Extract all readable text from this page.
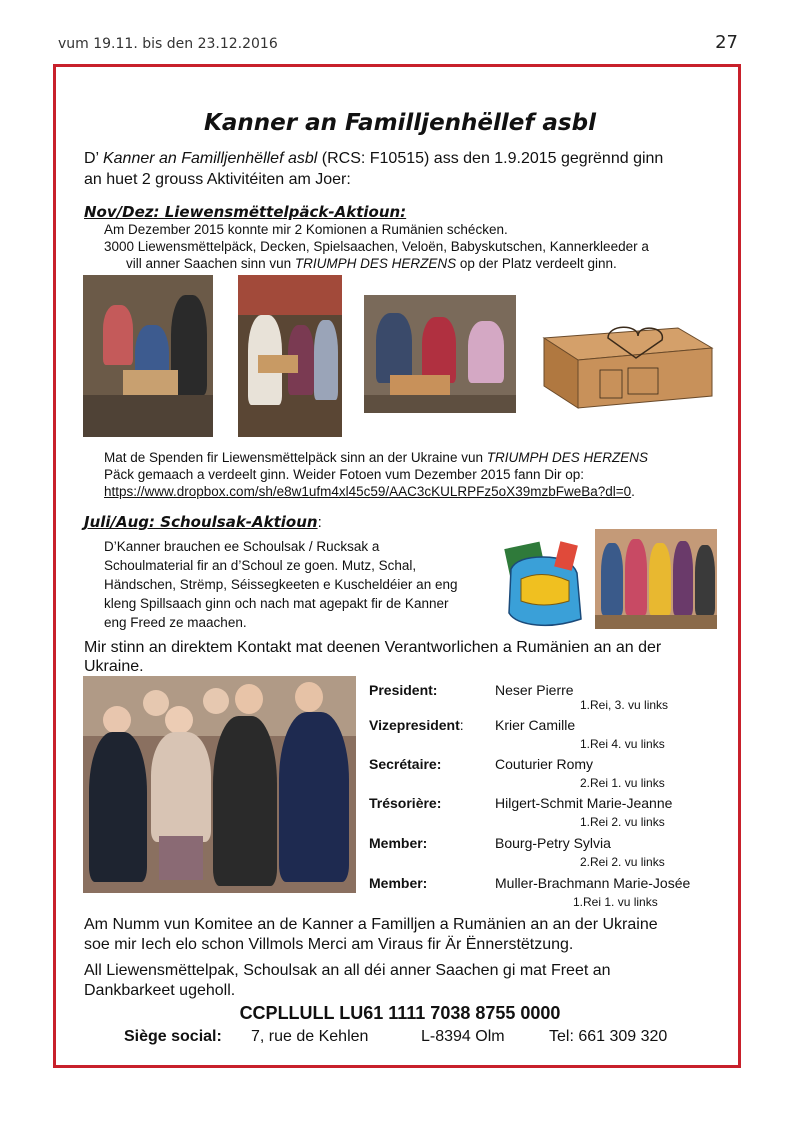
vum 19.11. bis den 23.12.2016	27
Kanner an Familljenhëllef asbl
D’ Kanner an Familljenhëllef asbl (RCS: F10515) ass den 1.9.2015 gegrënnd ginn
an huet 2 grouss Aktivitéiten am Joer:
Nov/Dez: Liewensmëttelpäck-Aktioun:
Am Dezember 2015 konnte mir 2 Komionen a Rumänien schécken.
3000 Liewensmëttelpäck, Decken, Spielsaachen, Veloën, Babyskutschen, Kannerkleeder a
vill anner Saachen sinn vun TRIUMPH DES HERZENS op der Platz verdeelt ginn.
Mat de Spenden fir Liewensmëttelpäck sinn an der Ukraine vun TRIUMPH DES HERZENS
Päck gemaach a verdeelt ginn. Weider Fotoen vum Dezember 2015 fann Dir op:
https://www.dropbox.com/sh/e8w1ufm4xl45c59/AAC3cKULRPFz5oX39mzbFweBa?dl=0.
Juli/Aug: Schoulsak-Aktioun:
D’Kanner brauchen ee Schoulsak / Rucksak a
Schoulmaterial fir an d’Schoul ze goen. Mutz, Schal,
Händschen, Strëmp, Séissegkeeten e Kuscheldéier an eng
kleng Spillsaach ginn och nach mat agepakt fir de Kanner
eng Freed ze maachen.
Mir stinn an direktem Kontakt mat deenen Verantworlichen a Rumänien an an der
Ukraine.
President:	Neser Pierre
1.Rei, 3. vu links
Vizepresident: Krier Camille
1.Rei 4. vu links
Secrétaire:	Couturier Romy
2.Rei 1. vu links
Trésorière:	Hilgert-Schmit Marie-Jeanne
1.Rei 2. vu links
Member:	Bourg-Petry Sylvia
2.Rei 2. vu links
Member:	Muller-Brachmann Marie-Josée
1.Rei 1. vu links
Am Numm vun Komitee an de Kanner a Familljen a Rumänien an an der Ukraine
soe mir Iech elo schon Villmols Merci am Viraus fir Är Ënnerstëtzung.
All Liewensmëttelpak, Schoulsak an all déi anner Saachen gi mat Freet an
Dankbarkeet ugeholl.
CCPLLULL LU61 1111 7038 8755 0000
Siège social: 7, rue de Kehlen	L-8394 Olm	Tel: 661 309 320
